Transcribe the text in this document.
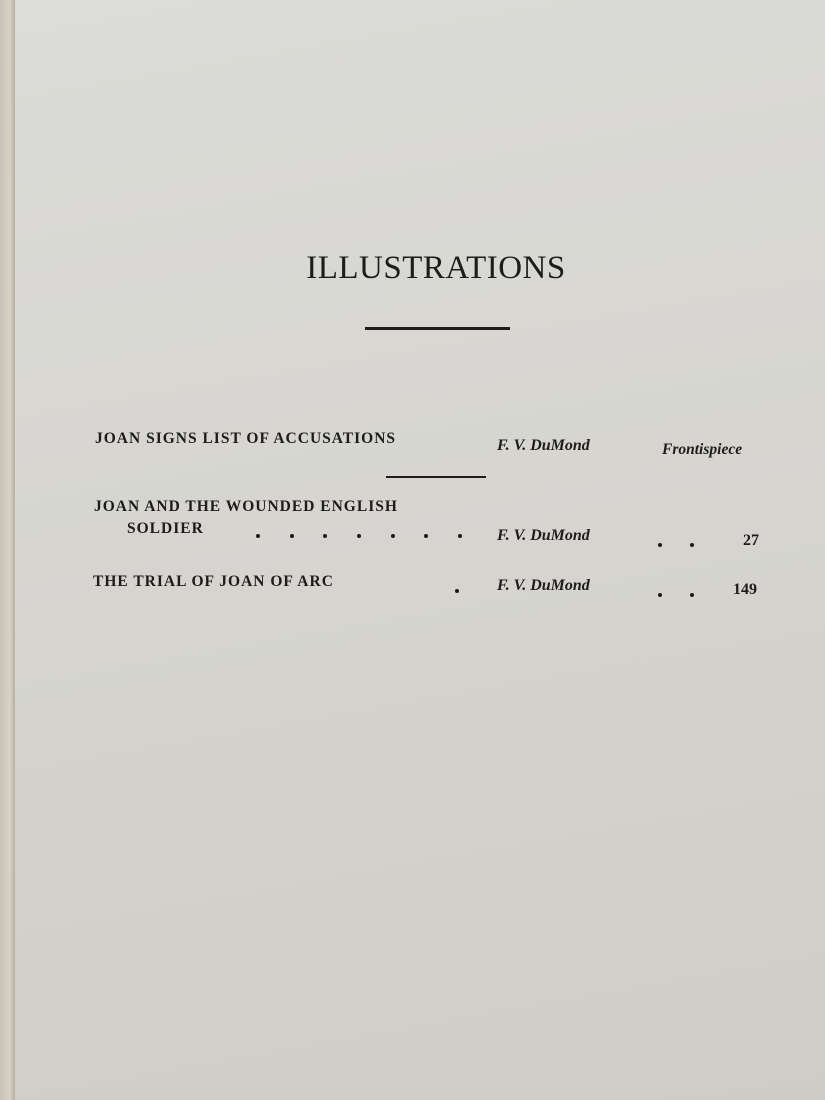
ILLUSTRATIONS
JOAN SIGNS LIST OF ACCUSATIONS	F. V. DuMond	Frontispiece
JOAN AND THE WOUNDED ENGLISH
SOLDIER	F. V. DuMond	27
THE TRIAL OF JOAN OF ARC	F. V. DuMond	149
